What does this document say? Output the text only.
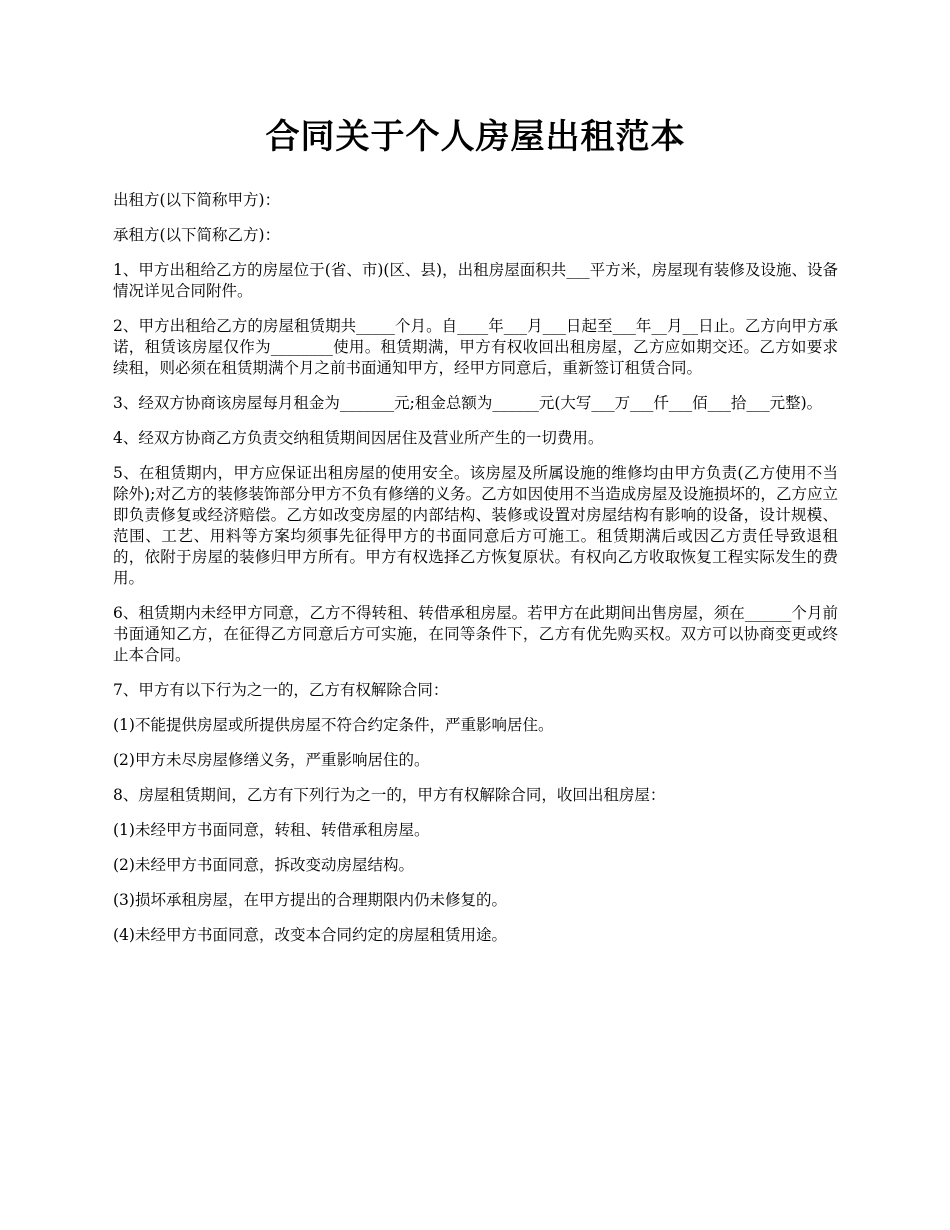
合同关于个人房屋出租范本

出租方(以下简称甲方)：

承租方(以下简称乙方)：

1、甲方出租给乙方的房屋位于(省、市)(区、县)，出租房屋面积共___平方米，房屋现有装修及设施、设备情况详见合同附件。

2、甲方出租给乙方的房屋租赁期共_____个月。自____年___月___日起至___年__月__日止。乙方向甲方承诺，租赁该房屋仅作为________使用。租赁期满，甲方有权收回出租房屋，乙方应如期交还。乙方如要求续租，则必须在租赁期满个月之前书面通知甲方，经甲方同意后，重新签订租赁合同。

3、经双方协商该房屋每月租金为_______元;租金总额为______元(大写___万___仟___佰___拾___元整)。

4、经双方协商乙方负责交纳租赁期间因居住及营业所产生的一切费用。

5、在租赁期内，甲方应保证出租房屋的使用安全。该房屋及所属设施的维修均由甲方负责(乙方使用不当除外);对乙方的装修装饰部分甲方不负有修缮的义务。乙方如因使用不当造成房屋及设施损坏的，乙方应立即负责修复或经济赔偿。乙方如改变房屋的内部结构、装修或设置对房屋结构有影响的设备，设计规模、范围、工艺、用料等方案均须事先征得甲方的书面同意后方可施工。租赁期满后或因乙方责任导致退租的，依附于房屋的装修归甲方所有。甲方有权选择乙方恢复原状。有权向乙方收取恢复工程实际发生的费用。

6、租赁期内未经甲方同意，乙方不得转租、转借承租房屋。若甲方在此期间出售房屋，须在______个月前书面通知乙方，在征得乙方同意后方可实施，在同等条件下，乙方有优先购买权。双方可以协商变更或终止本合同。

7、甲方有以下行为之一的，乙方有权解除合同：

(1)不能提供房屋或所提供房屋不符合约定条件，严重影响居住。

(2)甲方未尽房屋修缮义务，严重影响居住的。

8、房屋租赁期间，乙方有下列行为之一的，甲方有权解除合同，收回出租房屋：

(1)未经甲方书面同意，转租、转借承租房屋。

(2)未经甲方书面同意，拆改变动房屋结构。

(3)损坏承租房屋，在甲方提出的合理期限内仍未修复的。

(4)未经甲方书面同意，改变本合同约定的房屋租赁用途。
